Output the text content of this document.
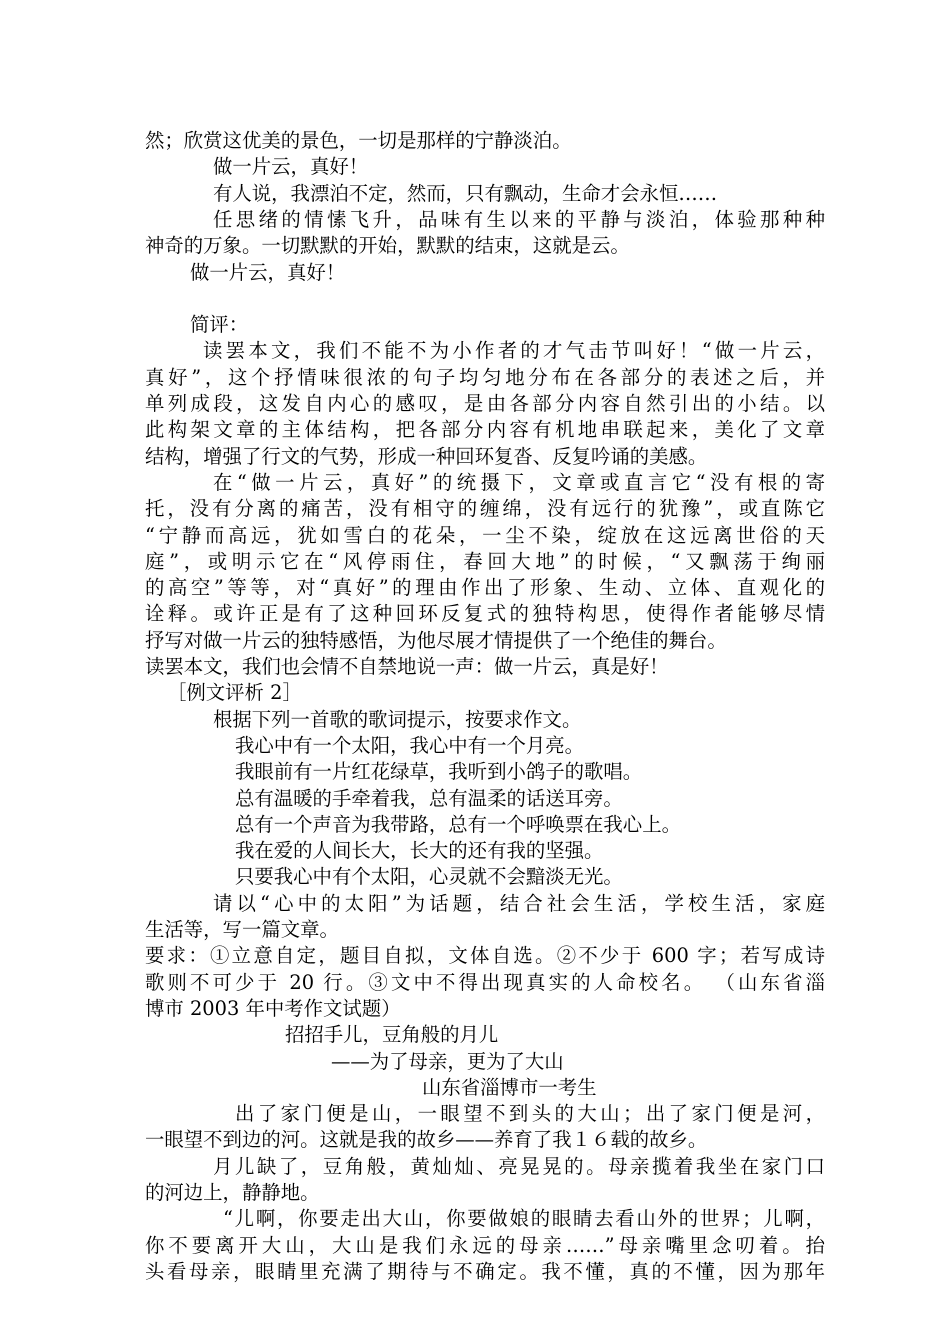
然；欣赏这优美的景色，一切是那样的宁静淡泊。
做一片云，真好！
有人说，我漂泊不定，然而，只有飘动，生命才会永恒……
任思绪的情愫飞升，品味有生以来的平静与淡泊，体验那种种
神奇的万象。一切默默的开始，默默的结束，这就是云。
做一片云，真好！
简评：
读罢本文，我们不能不为小作者的才气击节叫好！“做一片云，
真好”，这个抒情味很浓的句子均匀地分布在各部分的表述之后，并
单列成段，这发自内心的感叹，是由各部分内容自然引出的小结。以
此构架文章的主体结构，把各部分内容有机地串联起来，美化了文章
结构，增强了行文的气势，形成一种回环复沓、反复吟诵的美感。
在“做一片云，真好”的统摄下，文章或直言它“没有根的寄
托，没有分离的痛苦，没有相守的缠绵，没有远行的犹豫”，或直陈它
“宁静而高远，犹如雪白的花朵，一尘不染，绽放在这远离世俗的天
庭”，或明示它在“风停雨住，春回大地”的时候，“又飘荡于绚丽
的高空”等等，对“真好”的理由作出了形象、生动、立体、直观化的
诠释。或许正是有了这种回环反复式的独特构思，使得作者能够尽情
抒写对做一片云的独特感悟，为他尽展才情提供了一个绝佳的舞台。
读罢本文，我们也会情不自禁地说一声：做一片云，真是好！
［例文评析 2］
根据下列一首歌的歌词提示，按要求作文。
我心中有一个太阳，我心中有一个月亮。
我眼前有一片红花绿草，我听到小鸽子的歌唱。
总有温暖的手牵着我，总有温柔的话送耳旁。
总有一个声音为我带路，总有一个呼唤票在我心上。
我在爱的人间长大，长大的还有我的坚强。
只要我心中有个太阳，心灵就不会黯淡无光。
请以“心中的太阳”为话题，结合社会生活，学校生活，家庭
生活等，写一篇文章。
要求：①立意自定，题目自拟，文体自选。②不少于 600 字；若写成诗
歌则不可少于 20 行。③文中不得出现真实的人命校名。 （山东省淄
博市 2003 年中考作文试题）
招招手儿，豆角般的月儿
——为了母亲，更为了大山
山东省淄博市一考生
出了家门便是山，一眼望不到头的大山；出了家门便是河，
一眼望不到边的河。这就是我的故乡——养育了我１６载的故乡。
月儿缺了，豆角般，黄灿灿、亮晃晃的。母亲揽着我坐在家门口
的河边上，静静地。
“儿啊，你要走出大山，你要做娘的眼睛去看山外的世界；儿啊，
你不要离开大山，大山是我们永远的母亲……”母亲嘴里念叨着。抬
头看母亲，眼睛里充满了期待与不确定。我不懂，真的不懂，因为那年
